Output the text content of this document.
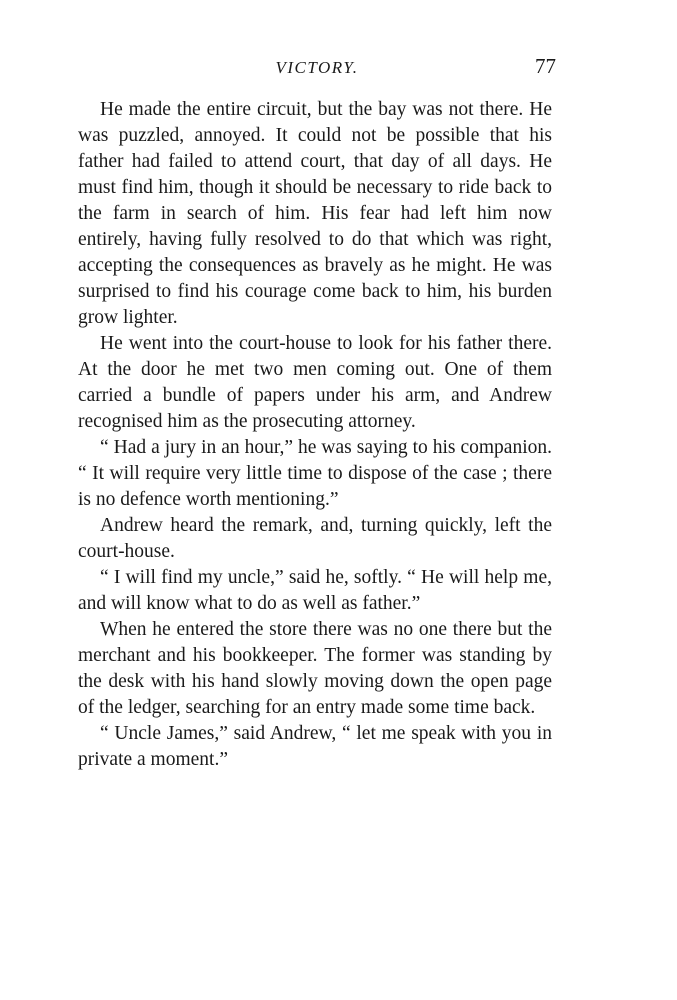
VICTORY.	77

He made the entire circuit, but the bay was not there. He was puzzled, annoyed. It could not be possible that his father had failed to attend court, that day of all days. He must find him, though it should be necessary to ride back to the farm in search of him. His fear had left him now entirely, having fully resolved to do that which was right, accepting the consequences as bravely as he might. He was surprised to find his courage come back to him, his burden grow lighter.

He went into the court-house to look for his father there. At the door he met two men coming out. One of them carried a bundle of papers under his arm, and Andrew recognised him as the prosecuting attorney.

“ Had a jury in an hour,” he was saying to his companion. “ It will require very little time to dispose of the case ; there is no defence worth mentioning.”

Andrew heard the remark, and, turning quickly, left the court-house.

“ I will find my uncle,” said he, softly. “ He will help me, and will know what to do as well as father.”

When he entered the store there was no one there but the merchant and his bookkeeper. The former was standing by the desk with his hand slowly moving down the open page of the ledger, searching for an entry made some time back.

“ Uncle James,” said Andrew, “ let me speak with you in private a moment.”
